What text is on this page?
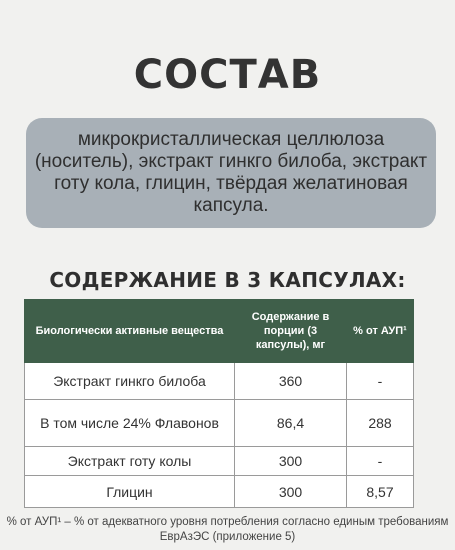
СОСТАВ
микрокристаллическая целлюлоза (носитель), экстракт гинкго билоба, экстракт готу кола, глицин, твёрдая желатиновая капсула.
СОДЕРЖАНИЕ В 3 КАПСУЛАХ:
Биологически активные вещества	Содержание в порции (3 капсулы), мг	% от АУП¹
Экстракт гинкго билоба	360	-
В том числе 24% Флавонов	86,4	288
Экстракт готу колы	300	-
Глицин	300	8,57
% от АУП¹ – % от адекватного уровня потребления согласно единым требованиям ЕврАзЭС (приложение 5)
